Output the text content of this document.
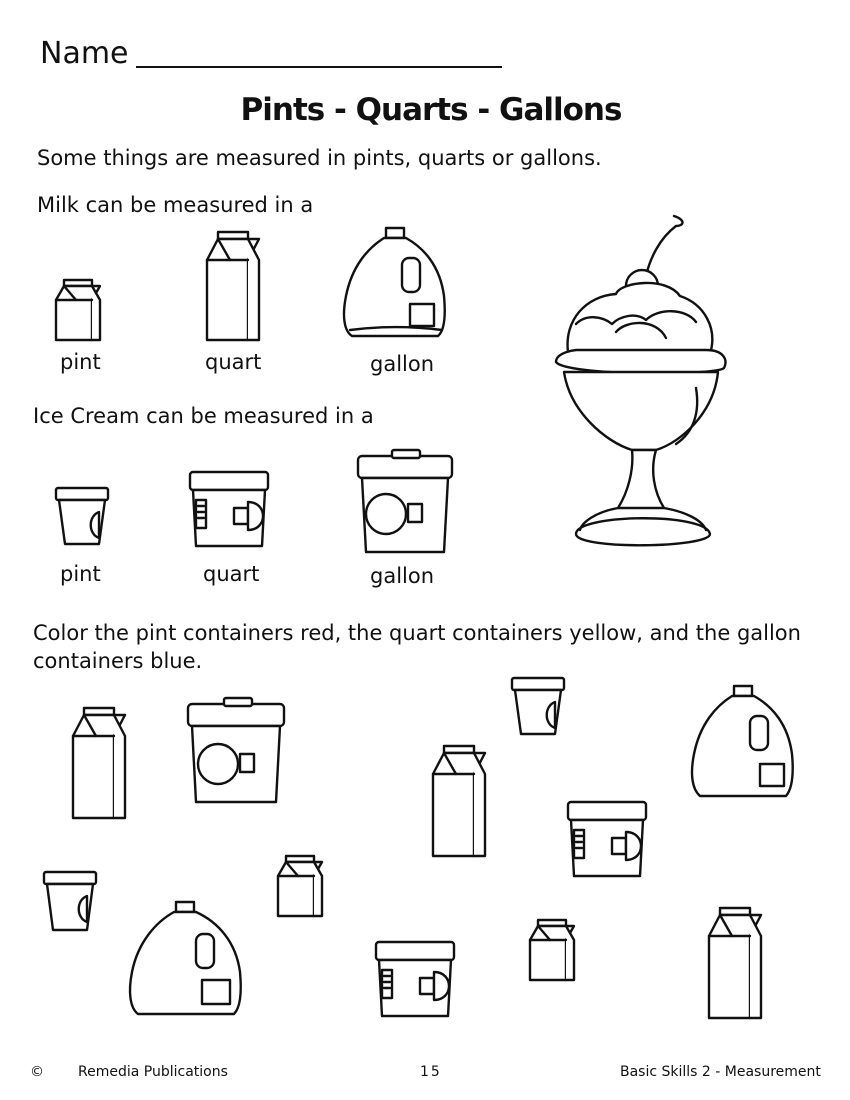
Name
Pints - Quarts - Gallons
Some things are measured in pints, quarts or gallons.
Milk can be measured in a
pint	quart	gallon
Ice Cream can be measured in a
pint	quart	gallon
Color the pint containers red, the quart containers yellow, and the gallon
containers blue.
© Remedia Publications	15	Basic Skills 2 - Measurement
